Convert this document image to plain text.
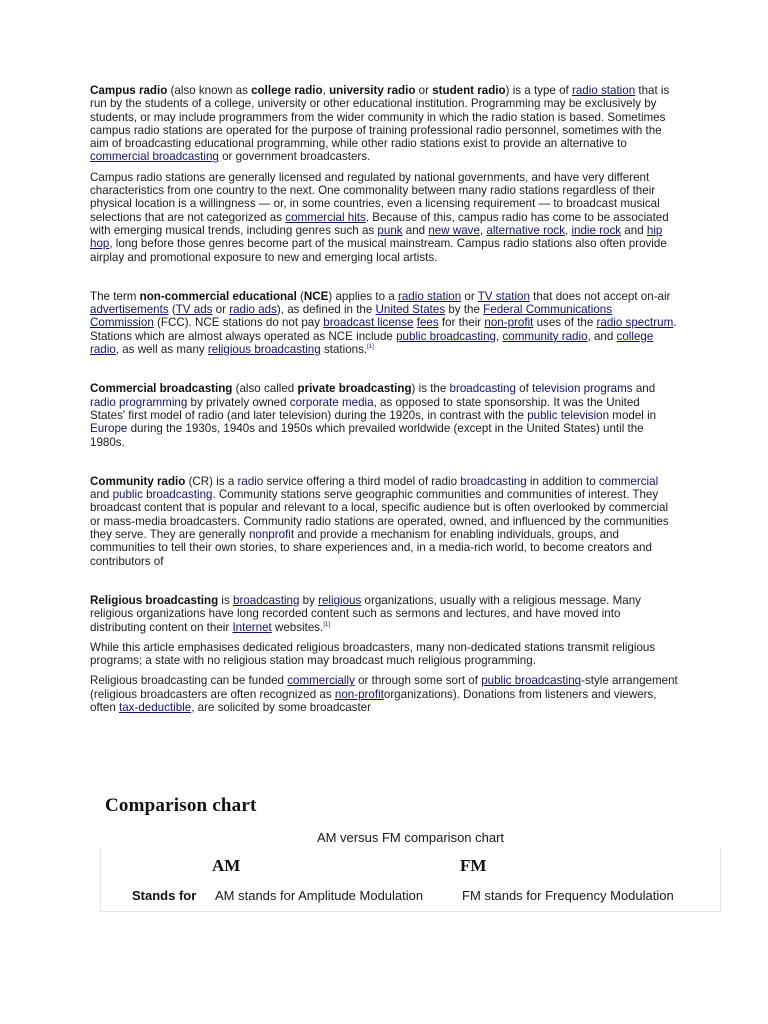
Campus radio (also known as college radio, university radio or student radio) is a type of radio station that is run by the students of a college, university or other educational institution. Programming may be exclusively by students, or may include programmers from the wider community in which the radio station is based. Sometimes campus radio stations are operated for the purpose of training professional radio personnel, sometimes with the aim of broadcasting educational programming, while other radio stations exist to provide an alternative to commercial broadcasting or government broadcasters.

Campus radio stations are generally licensed and regulated by national governments, and have very different characteristics from one country to the next. One commonality between many radio stations regardless of their physical location is a willingness — or, in some countries, even a licensing requirement — to broadcast musical selections that are not categorized as commercial hits. Because of this, campus radio has come to be associated with emerging musical trends, including genres such as punk and new wave, alternative rock, indie rock and hip hop, long before those genres become part of the musical mainstream. Campus radio stations also often provide airplay and promotional exposure to new and emerging local artists.

The term non-commercial educational (NCE) applies to a radio station or TV station that does not accept on-air advertisements (TV ads or radio ads), as defined in the United States by the Federal Communications Commission (FCC). NCE stations do not pay broadcast license fees for their non-profit uses of the radio spectrum. Stations which are almost always operated as NCE include public broadcasting, community radio, and college radio, as well as many religious broadcasting stations.[1]

Commercial broadcasting (also called private broadcasting) is the broadcasting of television programs and radio programming by privately owned corporate media, as opposed to state sponsorship. It was the United States' first model of radio (and later television) during the 1920s, in contrast with the public television model in Europe during the 1930s, 1940s and 1950s which prevailed worldwide (except in the United States) until the 1980s.

Community radio (CR) is a radio service offering a third model of radio broadcasting in addition to commercial and public broadcasting. Community stations serve geographic communities and communities of interest. They broadcast content that is popular and relevant to a local, specific audience but is often overlooked by commercial or mass-media broadcasters. Community radio stations are operated, owned, and influenced by the communities they serve. They are generally nonprofit and provide a mechanism for enabling individuals, groups, and communities to tell their own stories, to share experiences and, in a media-rich world, to become creators and contributors of

Religious broadcasting is broadcasting by religious organizations, usually with a religious message. Many religious organizations have long recorded content such as sermons and lectures, and have moved into distributing content on their Internet websites.[1]

While this article emphasises dedicated religious broadcasters, many non-dedicated stations transmit religious programs; a state with no religious station may broadcast much religious programming.

Religious broadcasting can be funded commercially or through some sort of public broadcasting-style arrangement (religious broadcasters are often recognized as non-profitorganizations). Donations from listeners and viewers, often tax-deductible, are solicited by some broadcaster

Comparison chart
AM versus FM comparison chart
AM	FM
Stands for AM stands for Amplitude Modulation	FM stands for Frequency Modulation
